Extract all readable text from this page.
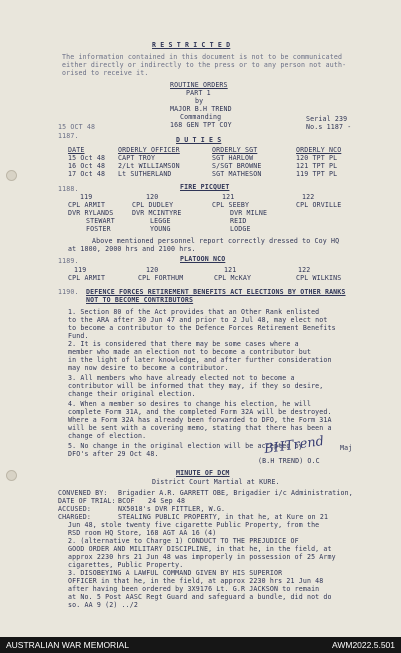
R E S T R I C T E D
The information contained in this document is not to be communicated
either directly or indirectly to the press or to any person not auth-
orised to receive it.
ROUTINE ORDERS
PART 1
by
MAJOR B.H TREND
Commanding
168 GEN TPT COY
Serial 239
No.s 1187 -
15 OCT 48
1187.	D U T I E S
DATE	ORDERLY OFFICER	ORDERLY SGT	ORDERLY NCO
15 Oct 48 CAPT TROY	SGT HARLOW	120 TPT PL
16 Oct 48 2/Lt WILLIAMSON	S/SGT BROWNE	121 TPT PL
17 Oct 48 Lt SUTHERLAND	SGT MATHESON	119 TPT PL
1188.	FIRE PICQUET
119	120	121	122
CPL ARMIT	CPL DUDLEY	CPL SEEBY	CPL ORVILLE
DVR RYLANDS	DVR MCINTYRE	DVR MILNE
STEWART	LEGGE	REID
FOSTER	YOUNG	LODGE
Above mentioned personnel report correctly dressed to Coy HQ
at 1800, 2000 hrs and 2100 hrs.
1189.	PLATOON NCO
119	120	121	122
CPL ARMIT	CPL FORTHUM	CPL McKAY	CPL WILKINS
1190. DEFENCE FORCES RETIREMENT BENEFITS ACT ELECTIONS BY OTHER RANKS
NOT TO BECOME CONTRIBUTORS
1. Section 80 of the Act provides that an Other Rank enlisted
to the ARA after 30 Jun 47 and prior to 2 Jul 48, may elect not
to become a contributor to the Defence Forces Retirement Benefits
Fund.
2. It is considered that there may be some cases where a
member who made an election not to become a contributor but
in the light of later knowledge, and after further consideration
may now desire to become a contributor.
3. All members who have already elected not to become a
contributor will be informed that they may, if they so desire,
change their original election.
4. When a member so desires to change his election, he will
complete Form 31A, and the completed Form 32A will be destroyed.
Where a Form 32A has already been forwarded to DFO, the Form 31A
will be sent with a covering memo, stating that there has been a
change of election.
5. No change in the original election will be accepted by
DFO's after 29 Oct 48.	BHTrend Maj
(B.H TREND) O.C
MINUTE OF DCM
District Court Martial at KURE.
CONVENED BY: Brigadier A.R. GARRETT OBE, Brigadier i/c Administration,
BCOF
DATE OF TRIAL:	24 Sep 48
ACCUSED:	NX5018's DVR FITTLER, W.G.
CHARGED:	STEALING PUBLIC PROPERTY, in that he, at Kure on 21
Jun 48, stole twenty five cigarette Public Property, from the
RSD room HQ Store, 168 AGT AA 16 (4)
2. (alternative to Charge 1) CONDUCT TO THE PREJUDICE OF
GOOD ORDER AND MILITARY DISCIPLINE, in that he, in the field, at
approx 2230 hrs 21 Jun 48 was improperly in possession of 25 Army
cigarettes, Public Property.
3. DISOBEYING A LAWFUL COMMAND GIVEN BY HIS SUPERIOR
OFFICER in that he, in the field, at approx 2230 hrs 21 Jun 48
after having been ordered by 3X9176 Lt. G.R JACKSON to remain
at No. 5 Post AASC Regt Guard and safeguard a bundle, did not do
so. AA 9 (2) ../2
AUSTRALIAN WAR MEMORIAL	AWM2022.5.501
